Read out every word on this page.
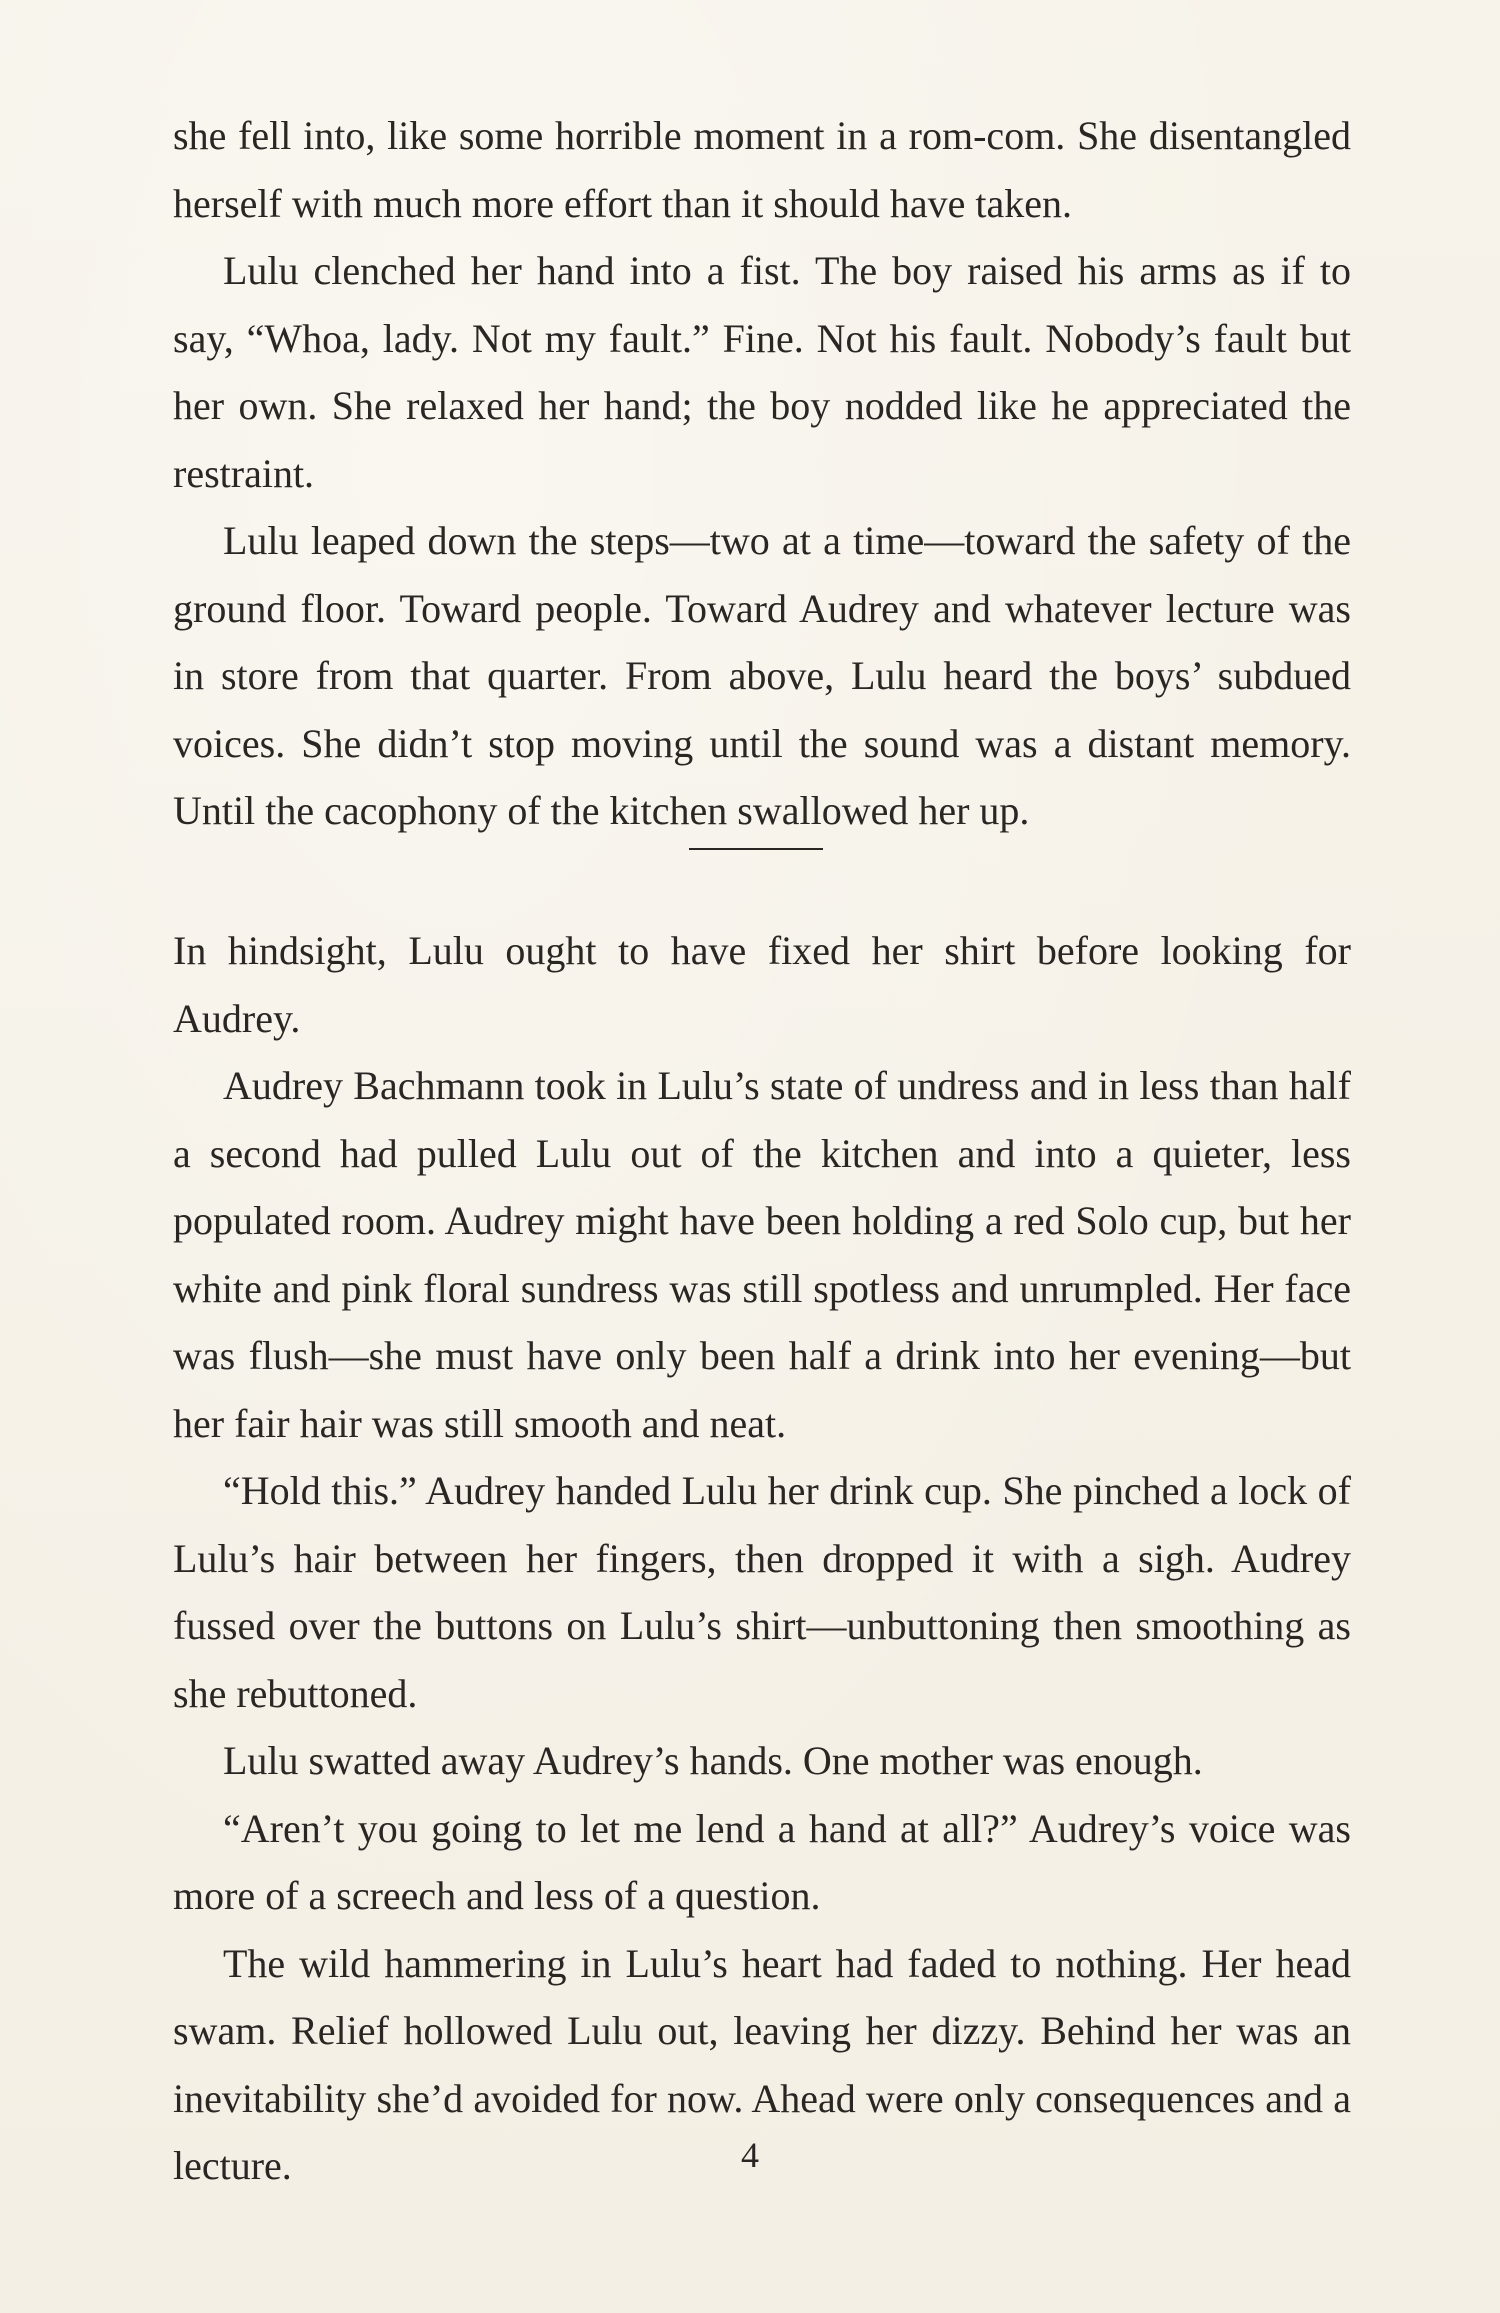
she fell into, like some horrible moment in a rom-com. She disentangled herself with much more effort than it should have taken.

Lulu clenched her hand into a fist. The boy raised his arms as if to say, “Whoa, lady. Not my fault.” Fine. Not his fault. Nobody’s fault but her own. She relaxed her hand; the boy nodded like he appreciated the restraint.

Lulu leaped down the steps—two at a time—toward the safety of the ground floor. Toward people. Toward Audrey and whatever lecture was in store from that quarter. From above, Lulu heard the boys’ subdued voices. She didn’t stop moving until the sound was a distant memory. Until the cacophony of the kitchen swallowed her up.

In hindsight, Lulu ought to have fixed her shirt before looking for Audrey.

Audrey Bachmann took in Lulu’s state of undress and in less than half a second had pulled Lulu out of the kitchen and into a quieter, less populated room. Audrey might have been holding a red Solo cup, but her white and pink floral sundress was still spotless and unrumpled. Her face was flush—she must have only been half a drink into her evening—but her fair hair was still smooth and neat.

“Hold this.” Audrey handed Lulu her drink cup. She pinched a lock of Lulu’s hair between her fingers, then dropped it with a sigh. Audrey fussed over the buttons on Lulu’s shirt—unbuttoning then smoothing as she rebuttoned.

Lulu swatted away Audrey’s hands. One mother was enough.

“Aren’t you going to let me lend a hand at all?” Audrey’s voice was more of a screech and less of a question.

The wild hammering in Lulu’s heart had faded to nothing. Her head swam. Relief hollowed Lulu out, leaving her dizzy. Behind her was an inevitability she’d avoided for now. Ahead were only consequences and a lecture.	4
